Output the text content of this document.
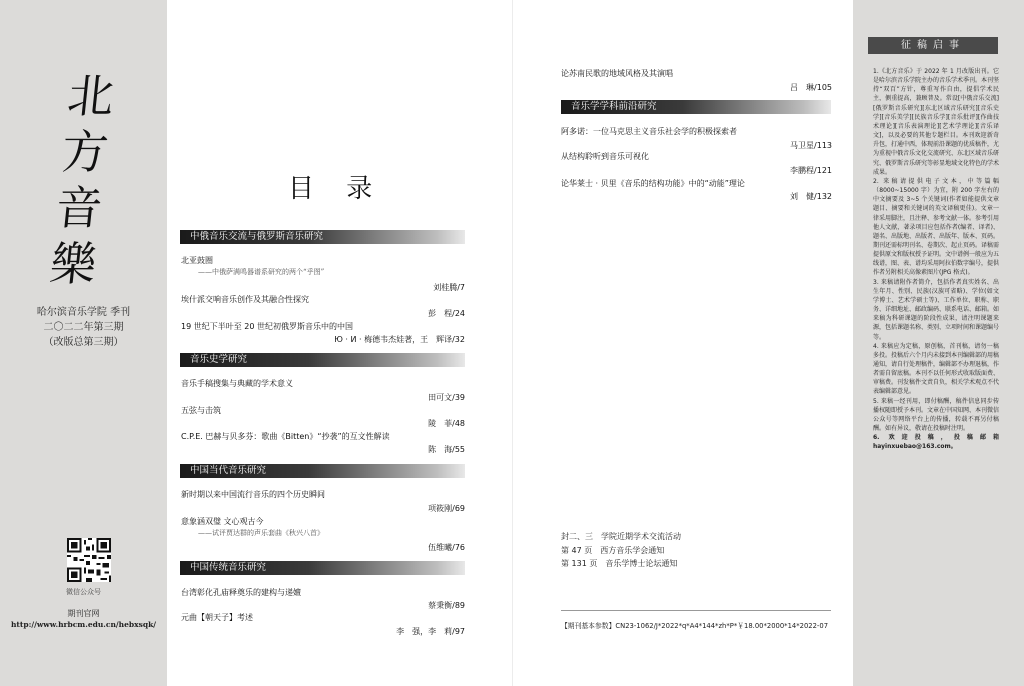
北
方
音
樂
哈尔滨音乐学院 季刊
二〇二二年第三期
（改版总第三期）
微信公众号
期刊官网
http://www.hrbcm.edu.cn/hebxsqk/
目 录
中俄音乐交流与俄罗斯音乐研究
北亚鼓圈
——中俄萨满鸣器谱系研究的两个“乎图”
刘桂腾/7
埃什派交响音乐创作及其融合性探究
彭　程/24
19 世纪下半叶至 20 世纪初俄罗斯音乐中的中国
Ю · И · 梅德韦杰娃著，王　辉译/32
音乐史学研究
音乐手稿搜集与典藏的学术意义
田可文/39
五弦与击筑
陵　菲/48
C.P.E. 巴赫与贝多芬：歌曲《Bitten》“抄袭”的互文性解读
陈　海/55
中国当代音乐研究
新时期以来中国流行音乐的四个历史瞬间
项筱刚/69
意象涵双璧 文心观古今
——试评贾达群的声乐套曲《秋兴八首》
伍维曦/76
中国传统音乐研究
台湾彰化孔庙释奠乐的建构与递嬗
蔡秉衡/89
元曲【朝天子】考述
李　强，李　莉/97
论苏南民歌的地域风格及其演唱
吕　琳/105
音乐学学科前沿研究
阿多诺：一位马克思主义音乐社会学的积极探索者
马卫星/113
从结构聆听到音乐可视化
李鹏程/121
论华莱士 · 贝里《音乐的结构功能》中的“动能”理论
刘　健/132
封二、三　学院近期学术交流活动
第 47 页　西方音乐学会通知
第 131 页　音乐学博士论坛通知
【期刊基本参数】CN23-1062/J*2022*q*A4*144*zh*P*￥18.00*2000*14*2022-07
征稿启事

1.《北方音乐》于 2022 年 1 月改版出刊。它是哈尔滨音乐学院主办的音乐学术季刊。本刊坚持“双百”方针，尊重写作自由，提倡学术民主，侧重提高，兼顾普及。常设[中俄音乐交流][俄罗斯音乐研究][东北区域音乐研究][音乐史学][音乐美学][民族音乐学][音乐批评][作曲技术理论][音乐表演理论][艺术学理论][音乐译文]，以及必要的其他专题栏目。本刊欢迎新奇升包，打通中西，体现前沿课题的优质稿件，尤为重视中俄音乐文化交流研究、东北区域音乐研究、俄罗斯音乐研究等彰显地域文化特色的学术成果。

2. 来稿请提供电子文本，中等篇幅（8000~15000 字）为宜，附 200 字左右的中文摘要及 3~5 个关键词(作者如能提供文章题目、摘要和关键词的英文译稿更佳)。文章一律采用脚注，且注释、参考文献一体。参考引用他人文献，著录项目应包括作者(编者、译者)、题名、出版地、出版者、出版年、版本、页码。期刊还需标明刊名、卷期次、起止页码。译稿需提供原文和版权授予证明。文中谱例一般应为五线谱，图、表、谱均采用阿拉伯数字编号，提供作者另附相关高像素图片(JPG 格式)。

3. 来稿请附作者简介，包括作者真实姓名、出生年月、性别、民族(汉族可省略)、学位(如文学博士、艺术学硕士等)、工作单位、职称、职务、详细地址、邮政编码、联系电话、邮箱。如来稿为科研课题的阶段性成果，请注明课题来源，包括课题名称、类别、立项时间和课题编号等。

4. 来稿应为定稿，原创稿，首刊稿，请勿一稿多投。投稿后六个月内未接到本刊编辑部的用稿通知，请自行处理稿件，编辑部不办理退稿，作者需自留底稿。本刊不以任何形式收取版面费、审稿费。刊发稿件文责自负，相关学术观点不代表编辑部意见。

5. 来稿一经刊用，即付稿酬，稿件信息同步传播权随即授予本刊。文章在中国知网、本刊微信公众号等网络平台上的传播，转载不再另付稿酬。如有异议，敬请在投稿时注明。

6. 欢迎投稿，投稿邮箱 hayinxuebao@163.com。
